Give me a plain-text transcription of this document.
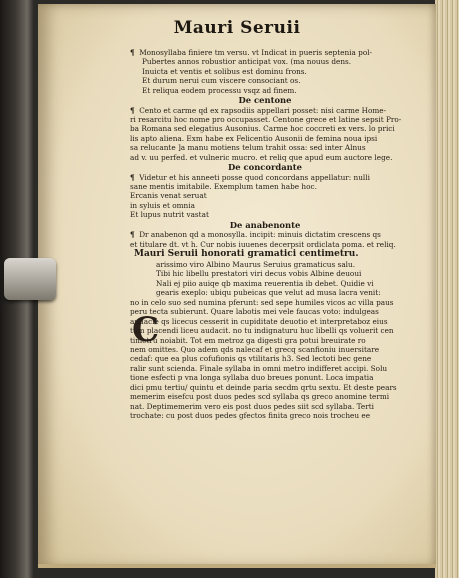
Mauri Seruii
C
¶ Monosyllaba finiere tm versu. vt Indicat in pueris septenia pol-
Pubertes annos robustior anticipat vox. (ma nouus dens.
Inuicta et ventis et solibus est dominu frons.
Et durum nerui cum viscere consociant os.
Et reliqua eodem processu vsqz ad finem.
De centone
¶ Cento et carme qd ex rapsodiis appellari posset: nisi carme Home-
ri resarcitu hoc nome pro occupasset. Centone grece et latine sepsit Pro-
ba Romana sed elegatius Ausonius. Carme hoc coccreti ex vers. lo prici
lis apto aliena. Exm habe ex Felicentio Ausonii de femina noua ipsi
sa relucante ]a manu motiens telum trahit ossa: sed inter Alnus
ad v. uu perfed. et vulneric mucro. et reliq que apud eum auctore lege.
De concordante
¶ Videtur et his anneeti posse quod concordans appellatur: nulli
sane mentis imitabile. Exemplum tamen habe hoc.
Ercanis venat seruat
in syluis et omnia
Et lupus nutrit vastat
De anabenonte
¶ Dr anabenon qd a monosylla. incipit: minuis dictatim crescens qs
et titulare dt. vt h. Cur nobis iuuenes decerpsit ordiclata poma. et reliq.
Mauri Seruii honorati gramatici centimetru.
arissimo viro Albino Maurus Seruius gramaticus salu.
Tibi hic libellu prestatori viri decus vobis Albine deuoui
Nali ej piio auiqe qb maxima reuerentia ib debet. Quidie vi
gearis exeplo: ubiqu pubeicas que velut ad musa lacra venit:
no in celo suo sed numina pferunt: sed sepe humiles vicos ac villa paus
peru tecta subierunt. Quare labotis mei vele faucas voto: indulgeas
audacie qs licecus cesserit in cupiditate deuotio et interpretaboz eius
tum placendi liceu audacit. no tu indignaturu huc libelli qs voluerit cen
timetru noiabit. Tot em metroz ga digesti gra potui breuirate ro
nem omittes. Quo adem qds nalecaf et grecq scanfioniu inuersitare
cedaf: que ea plus cofufionis qs vtilitaris h3. Sed lectoti bec gene
ralir sunt scienda. Finale syllaba in omni metro indifferet accipi. Solu
tione esfecti p vna longa syllaba duo breues ponunt. Loca impatia
dici pmu tertiu/ quintu et deinde paria secdm qrtu sextu. Et deste pears
memerim eisefcu post duos pedes scd syllaba qs greco anomine termi
nat. Deptimemerim vero eis post duos pedes siit scd syllaba. Terti
trochate: cu post duos pedes gfectos finita greco nois trocheu ee
